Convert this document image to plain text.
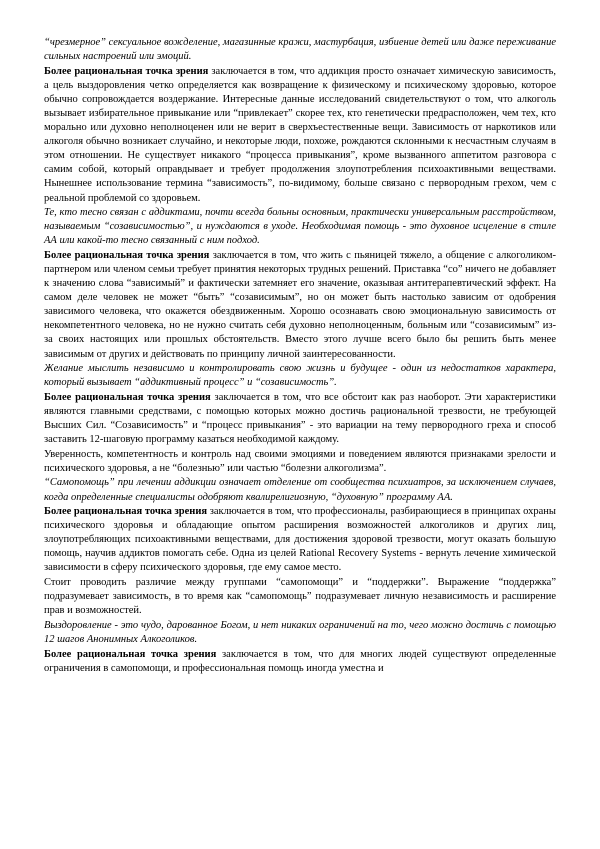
“чрезмерное” сексуальное вожделение, магазинные кражи, мастурбация, избиение детей или даже переживание сильных настроений или эмоций.

Более рациональная точка зрения заключается в том, что аддикция просто означает химическую зависимость, а цель выздоровления четко определяется как возвращение к физическому и психическому здоровью, которое обычно сопровождается воздержание. Интересные данные исследований свидетельствуют о том, что алкоголь вызывает избирательное привыкание или “привлекает” скорее тех, кто генетически предрасположен, чем тех, кто морально или духовно неполноценен или не верит в сверхъестественные вещи. Зависимость от наркотиков или алкоголя обычно возникает случайно, и некоторые люди, похоже, рождаются склонными к несчастным случаям в этом отношении. Не существует никакого “процесса привыкания”, кроме вызванного аппетитом разговора с самим собой, который оправдывает и требует продолжения злоупотребления психоактивными веществами. Нынешнее использование термина “зависимость”, по-видимому, больше связано с первородным грехом, чем с реальной проблемой со здоровьем.

Те, кто тесно связан с аддиктами, почти всегда больны основным, практически универсальным расстройством, называемым “созависимостью”, и нуждаются в уходе. Необходимая помощь - это духовное исцеление в стиле АА или какой-то тесно связанный с ним подход.

Более рациональная точка зрения заключается в том, что жить с пьяницей тяжело, а общение с алкоголиком-партнером или членом семьи требует принятия некоторых трудных решений. Приставка “со” ничего не добавляет к значению слова “зависимый” и фактически затемняет его значение, оказывая антитерапевтический эффект. На самом деле человек не может “быть” “созависимым”, но он может быть настолько зависим от одобрения зависимого человека, что окажется обездвиженным. Хорошо осознавать свою эмоциональную зависимость от некомпетентного человека, но не нужно считать себя духовно неполноценным, больным или “созависимым” из-за своих настоящих или прошлых обстоятельств. Вместо этого лучше всего было бы решить быть менее зависимым от других и действовать по принципу личной заинтересованности.

Желание мыслить независимо и контролировать свою жизнь и будущее - один из недостатков характера, который вызывает “аддиктивный процесс” и “созависимость”.

Более рациональная точка зрения заключается в том, что все обстоит как раз наоборот. Эти характеристики являются главными средствами, с помощью которых можно достичь рациональной трезвости, не требующей Высших Сил. “Созависимость” и “процесс привыкания” - это вариации на тему первородного греха и способ заставить 12-шаговую программу казаться необходимой каждому.

Уверенность, компетентность и контроль над своими эмоциями и поведением являются признаками зрелости и психического здоровья, а не “болезнью” или частью “болезни алкоголизма”.

“Самопомощь” при лечении аддикции означает отделение от сообщества психиатров, за исключением случаев, когда определенные специалисты одобряют квалирелигиозную, “духовную” программу АА.

Более рациональная точка зрения заключается в том, что профессионалы, разбирающиеся в принципах охраны психического здоровья и обладающие опытом расширения возможностей алкоголиков и других лиц, злоупотребляющих психоактивными веществами, для достижения здоровой трезвости, могут оказать большую помощь, научив аддиктов помогать себе. Одна из целей Rational Recovery Systems - вернуть лечение химической зависимости в сферу психического здоровья, где ему самое место.

Стоит проводить различие между группами “самопомощи” и “поддержки”. Выражение “поддержка” подразумевает зависимость, в то время как “самопомощь” подразумевает личную независимость и расширение прав и возможностей.

Выздоровление - это чудо, дарованное Богом, и нет никаких ограничений на то, чего можно достичь с помощью 12 шагов Анонимных Алкоголиков.

Более рациональная точка зрения заключается в том, что для многих людей существуют определенные ограничения в самопомощи, и профессиональная помощь иногда уместна и
